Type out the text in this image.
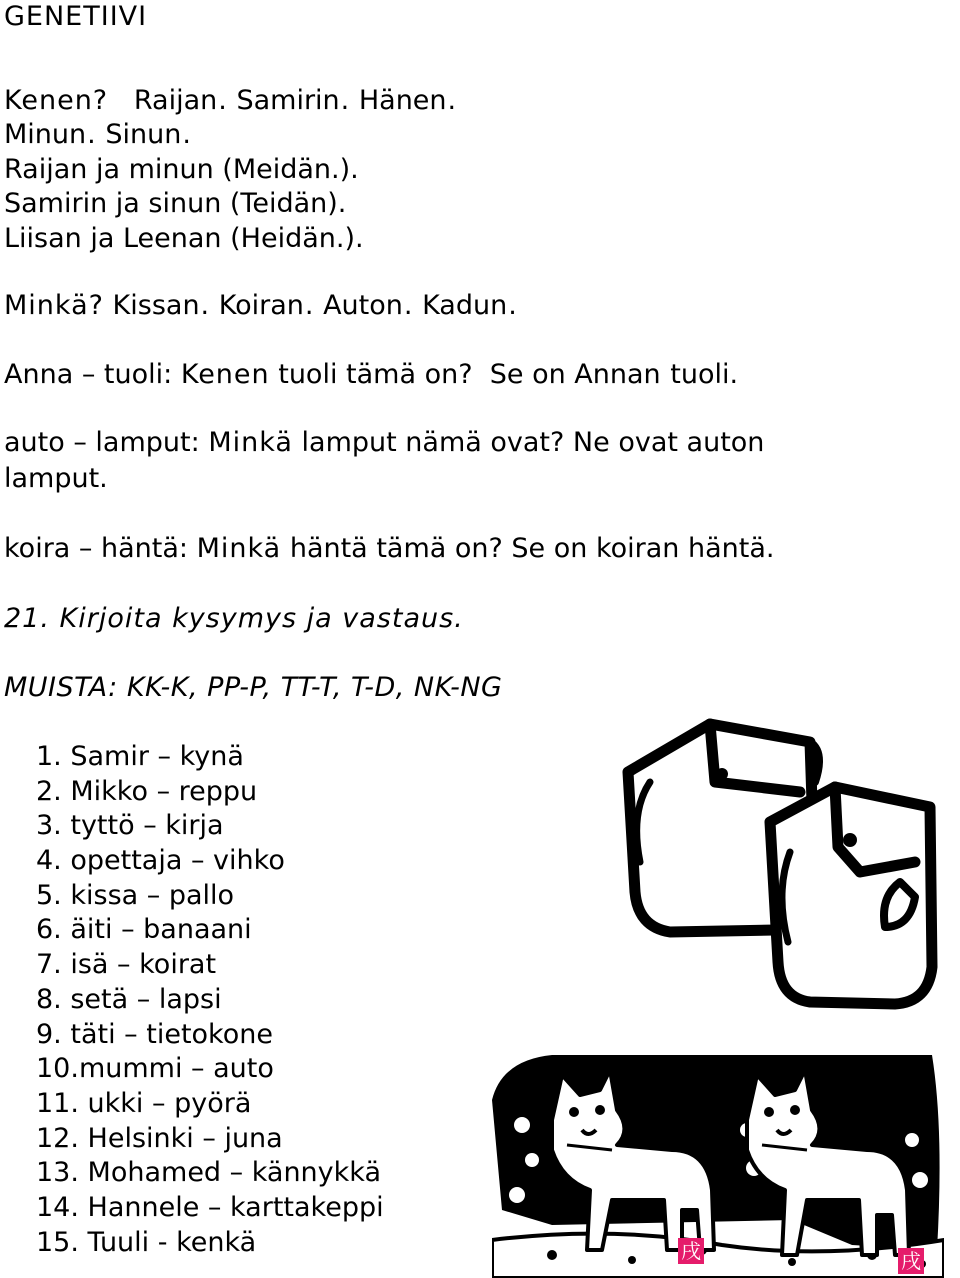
GENETIIVI
Kenen? Raijan. Samirin. Hänen.
Minun. Sinun.
Raijan ja minun (Meidän.).
Samirin ja sinun (Teidän).
Liisan ja Leenan (Heidän.).
Minkä? Kissan. Koiran. Auton. Kadun.
Anna – tuoli: Kenen tuoli tämä on? Se on Annan tuoli.
auto – lamput: Minkä lamput nämä ovat? Ne ovat auton
lamput.
koira – häntä: Minkä häntä tämä on? Se on koiran häntä.
21. Kirjoita kysymys ja vastaus.
MUISTA: KK-K, PP-P, TT-T, T-D, NK-NG
1. Samir – kynä
2. Mikko – reppu
3. tyttö – kirja
4. opettaja – vihko
5. kissa – pallo
6. äiti – banaani
7. isä – koirat
8. setä – lapsi
9. täti – tietokone
10.mummi – auto
11. ukki – pyörä
12. Helsinki – juna
13. Mohamed – kännykkä
14. Hannele – karttakeppi
15. Tuuli - kenkä	戌	戌
